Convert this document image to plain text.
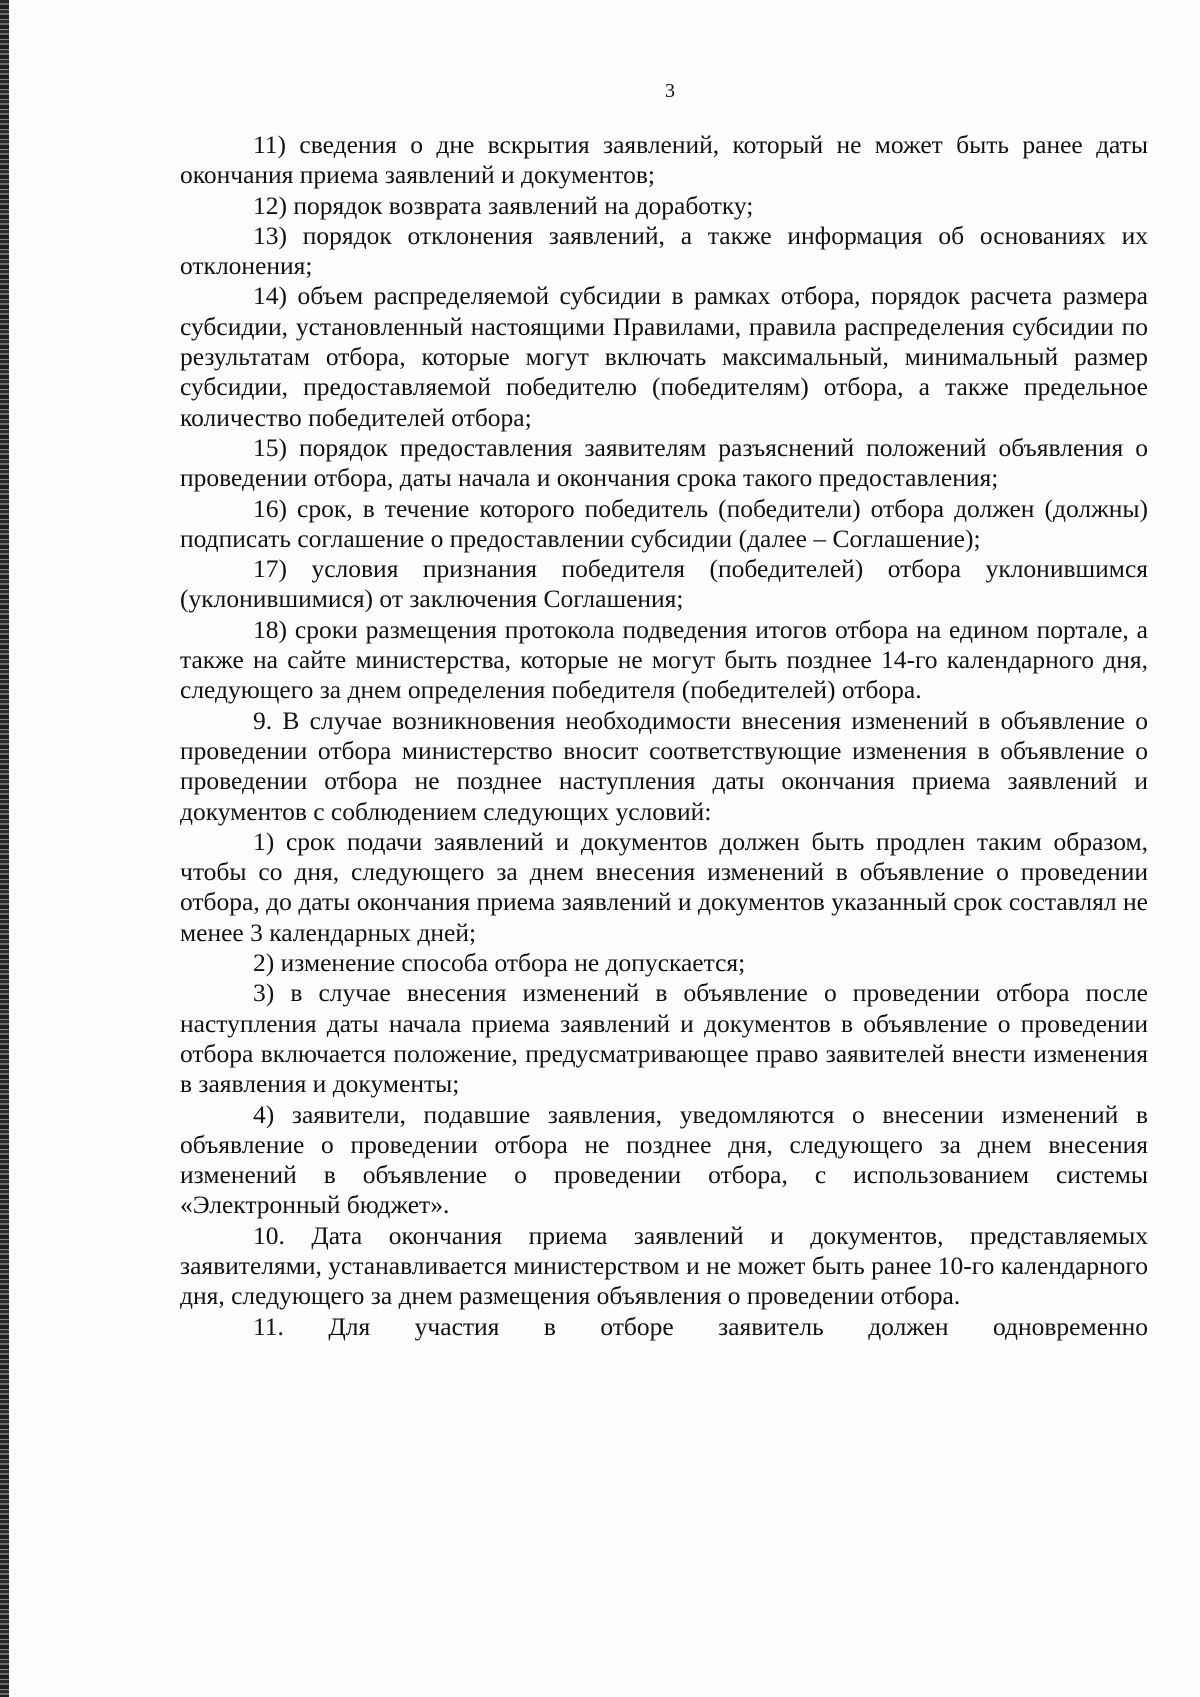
3

11) сведения о дне вскрытия заявлений, который не может быть ранее даты окончания приема заявлений и документов;

12) порядок возврата заявлений на доработку;

13) порядок отклонения заявлений, а также информация об основаниях их отклонения;

14) объем распределяемой субсидии в рамках отбора, порядок расчета размера субсидии, установленный настоящими Правилами, правила распределения субсидии по результатам отбора, которые могут включать максимальный, минимальный размер субсидии, предоставляемой победителю (победителям) отбора, а также предельное количество победителей отбора;

15) порядок предоставления заявителям разъяснений положений объявления о проведении отбора, даты начала и окончания срока такого предоставления;

16) срок, в течение которого победитель (победители) отбора должен (должны) подписать соглашение о предоставлении субсидии (далее – Соглашение);

17) условия признания победителя (победителей) отбора уклонившимся (уклонившимися) от заключения Соглашения;

18) сроки размещения протокола подведения итогов отбора на едином портале, а также на сайте министерства, которые не могут быть позднее 14-го календарного дня, следующего за днем определения победителя (победителей) отбора.

9. В случае возникновения необходимости внесения изменений в объявление о проведении отбора министерство вносит соответствующие изменения в объявление о проведении отбора не позднее наступления даты окончания приема заявлений и документов с соблюдением следующих условий:

1) срок подачи заявлений и документов должен быть продлен таким образом, чтобы со дня, следующего за днем внесения изменений в объявление о проведении отбора, до даты окончания приема заявлений и документов указанный срок составлял не менее 3 календарных дней;

2) изменение способа отбора не допускается;

3) в случае внесения изменений в объявление о проведении отбора после наступления даты начала приема заявлений и документов в объявление о проведении отбора включается положение, предусматривающее право заявителей внести изменения в заявления и документы;

4) заявители, подавшие заявления, уведомляются о внесении изменений в объявление о проведении отбора не позднее дня, следующего за днем внесения изменений в объявление о проведении отбора, с использованием системы «Электронный бюджет».

10. Дата окончания приема заявлений и документов, представляемых заявителями, устанавливается министерством и не может быть ранее 10-го календарного дня, следующего за днем размещения объявления о проведении отбора.

11. Для участия в отборе заявитель должен одновременно
